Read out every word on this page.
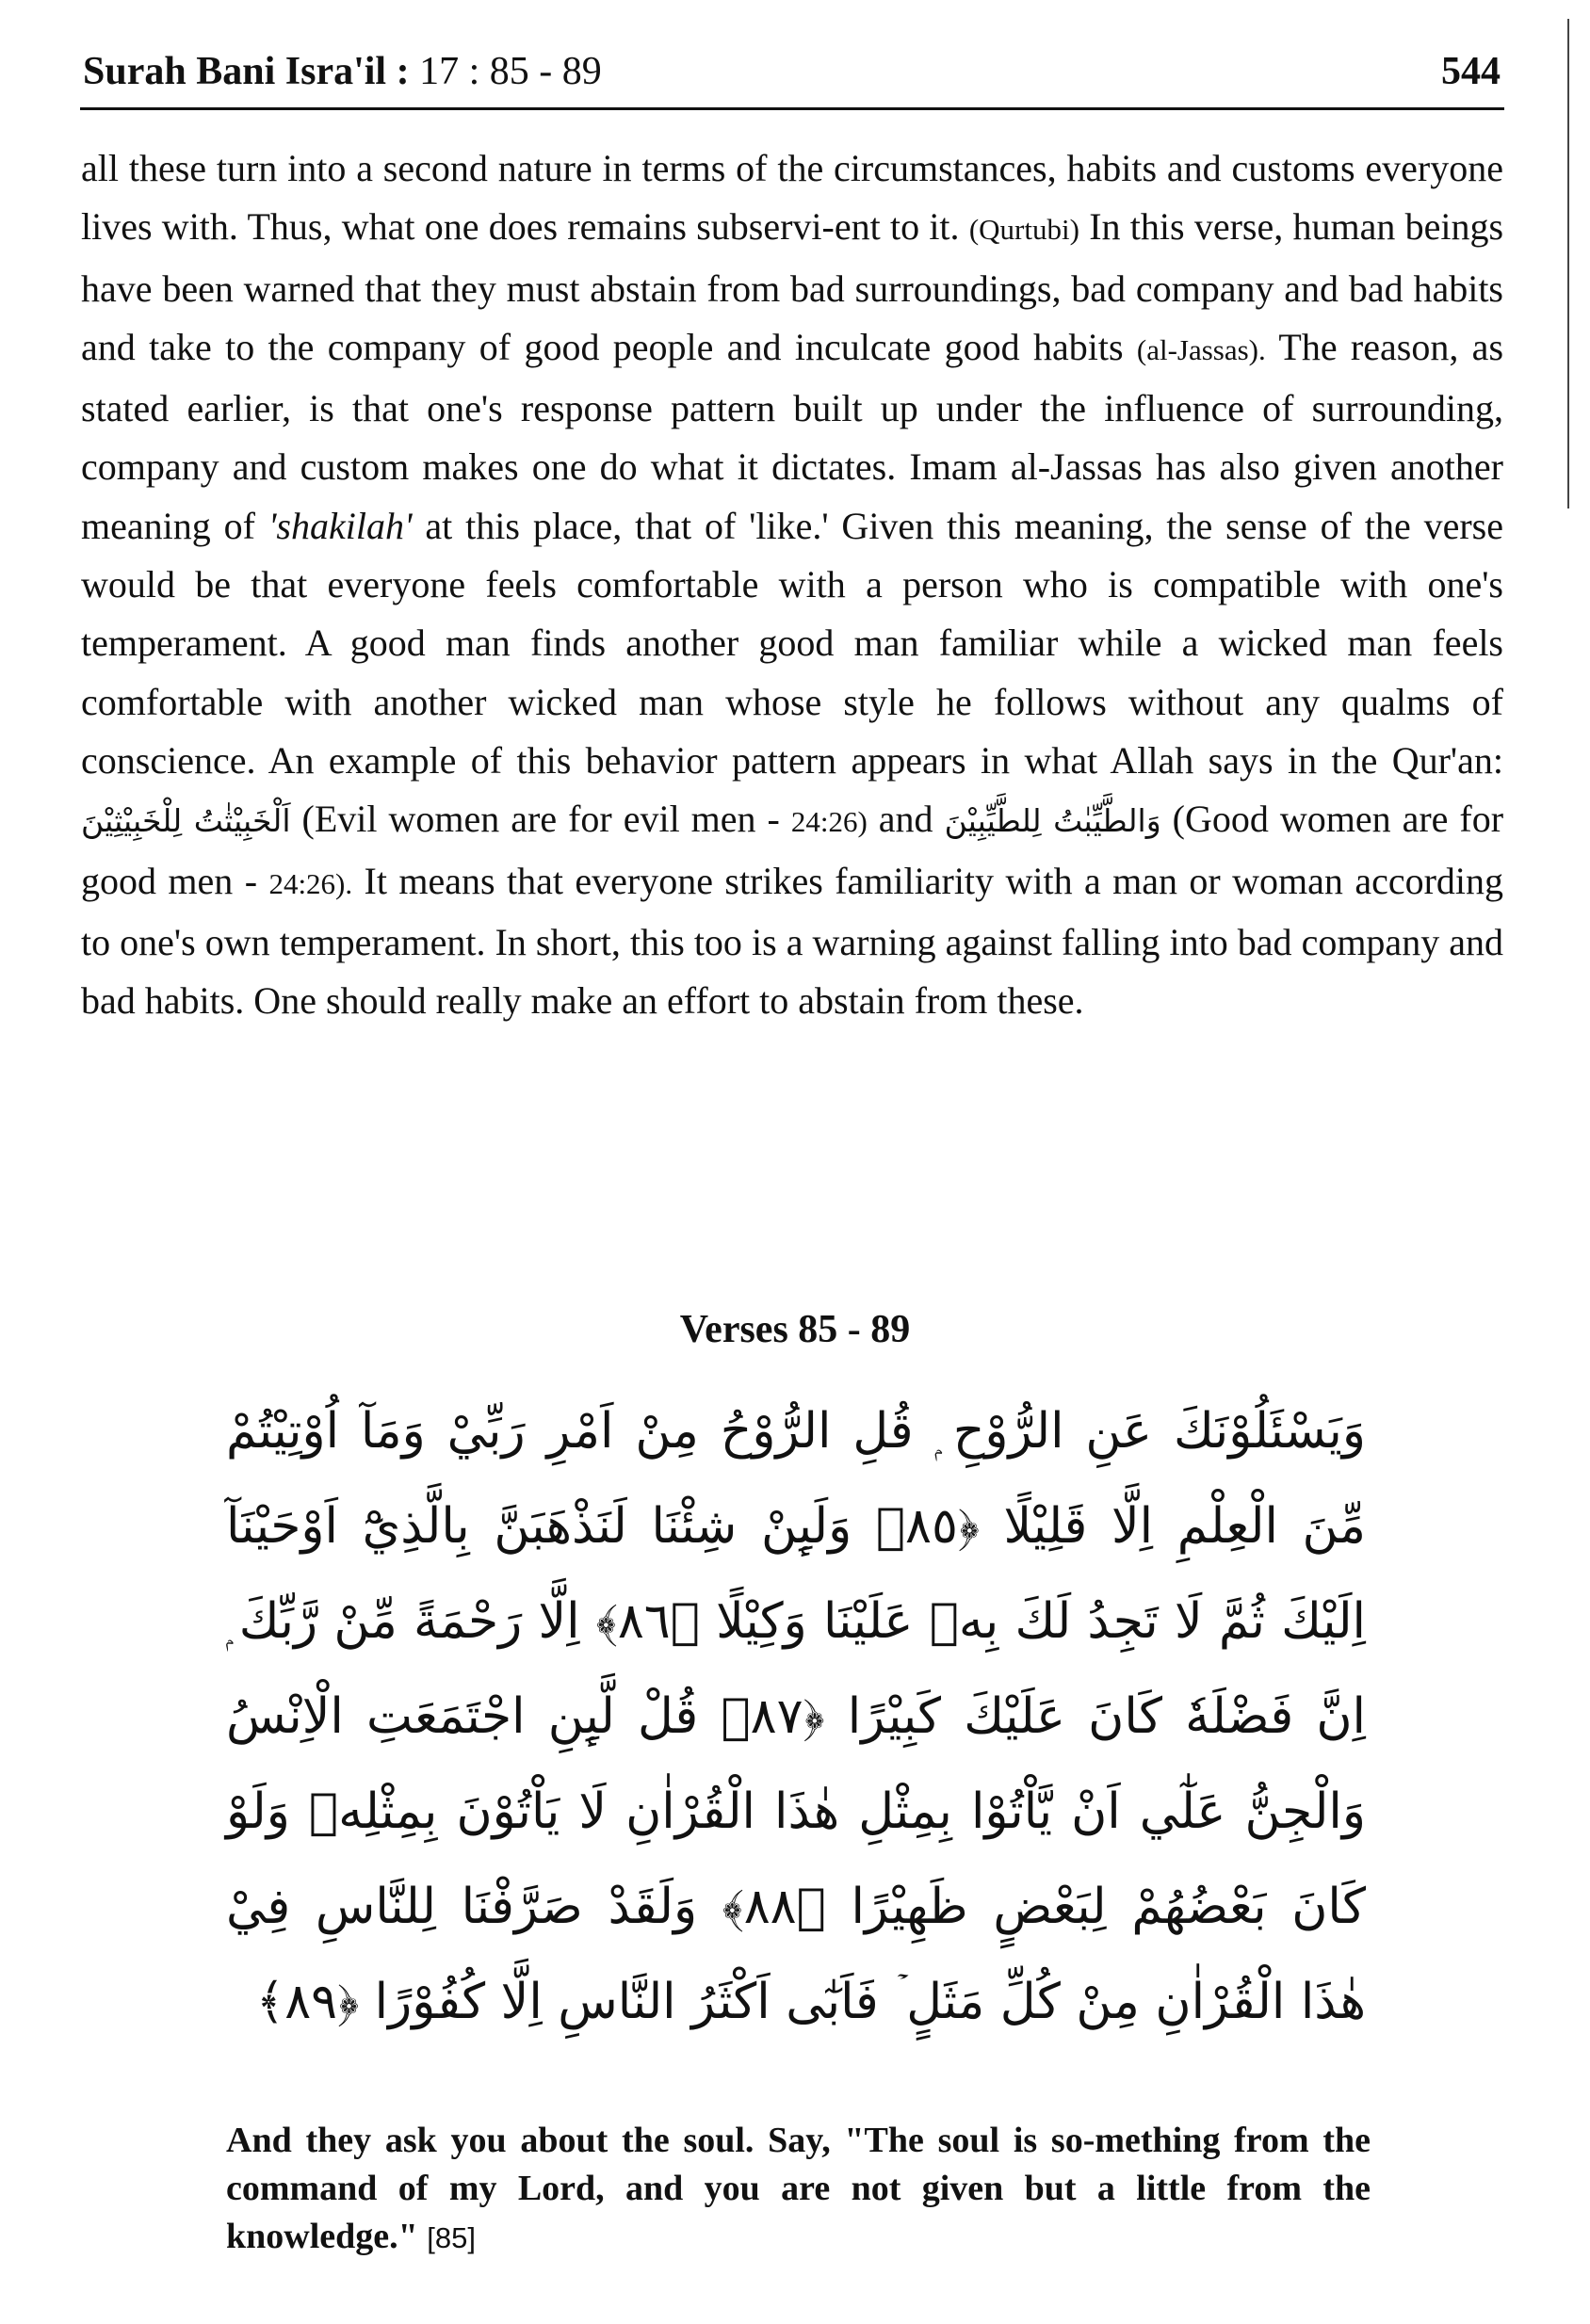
Surah Bani Isra'il : 17 : 85 - 89	544

all these turn into a second nature in terms of the circumstances, habits and customs everyone lives with. Thus, what one does remains subservi-ent to it. (Qurtubi) In this verse, human beings have been warned that they must abstain from bad surroundings, bad company and bad habits and take to the company of good people and inculcate good habits (al-Jassas). The reason, as stated earlier, is that one's response pattern built up under the influence of surrounding, company and custom makes one do what it dictates. Imam al-Jassas has also given another meaning of 'shakilah' at this place, that of 'like.' Given this meaning, the sense of the verse would be that everyone feels comfortable with a person who is compatible with one's temperament. A good man finds another good man familiar while a wicked man feels comfortable with another wicked man whose style he follows without any qualms of conscience. An example of this behavior pattern appears in what Allah says in the Qur'an: اَلْخَبِيْثٰتُ لِلْخَبِيْثِيْنَ (Evil women are for evil men - 24:26) and وَالطَّيِّبٰتُ لِلطَّيِّبِيْنَ (Good women are for good men - 24:26). It means that everyone strikes familiarity with a man or woman according to one's own temperament. In short, this too is a warning against falling into bad company and bad habits. One should really make an effort to abstain from these.

Verses 85 - 89

وَيَسْئَلُوْنَكَ عَنِ الرُّوْحِ ۭ قُلِ الرُّوْحُ مِنْ اَمْرِ رَبِّيْ وَمَآ اُوْتِيْتُمْ مِّنَ الْعِلْمِ اِلَّا قَلِيْلًا ﴿٨٥﴾ وَلَىِٕنْ شِئْنَا لَنَذْهَبَنَّ بِالَّذِيْٓ اَوْحَيْنَآ اِلَيْكَ ثُمَّ لَا تَجِدُ لَكَ بِهٖ عَلَيْنَا وَكِيْلًا ﴿٨٦﴾ اِلَّا رَحْمَةً مِّنْ رَّبِّكَ ۭ اِنَّ فَضْلَهٗ كَانَ عَلَيْكَ كَبِيْرًا ﴿٨٧﴾ قُلْ لَّىِٕنِ اجْتَمَعَتِ الْاِنْسُ وَالْجِنُّ عَلٰٓي اَنْ يَّاْتُوْا بِمِثْلِ هٰذَا الْقُرْاٰنِ لَا يَاْتُوْنَ بِمِثْلِهٖ وَلَوْ كَانَ بَعْضُهُمْ لِبَعْضٍ ظَهِيْرًا ﴿٨٨﴾ وَلَقَدْ صَرَّفْنَا لِلنَّاسِ فِيْ هٰذَا الْقُرْاٰنِ مِنْ كُلِّ مَثَلٍ ۡ فَاَبٰٓى اَكْثَرُ النَّاسِ اِلَّا كُفُوْرًا ﴿٨٩﴾

And they ask you about the soul. Say, "The soul is so-mething from the command of my Lord, and you are not given but a little from the knowledge." [85]
